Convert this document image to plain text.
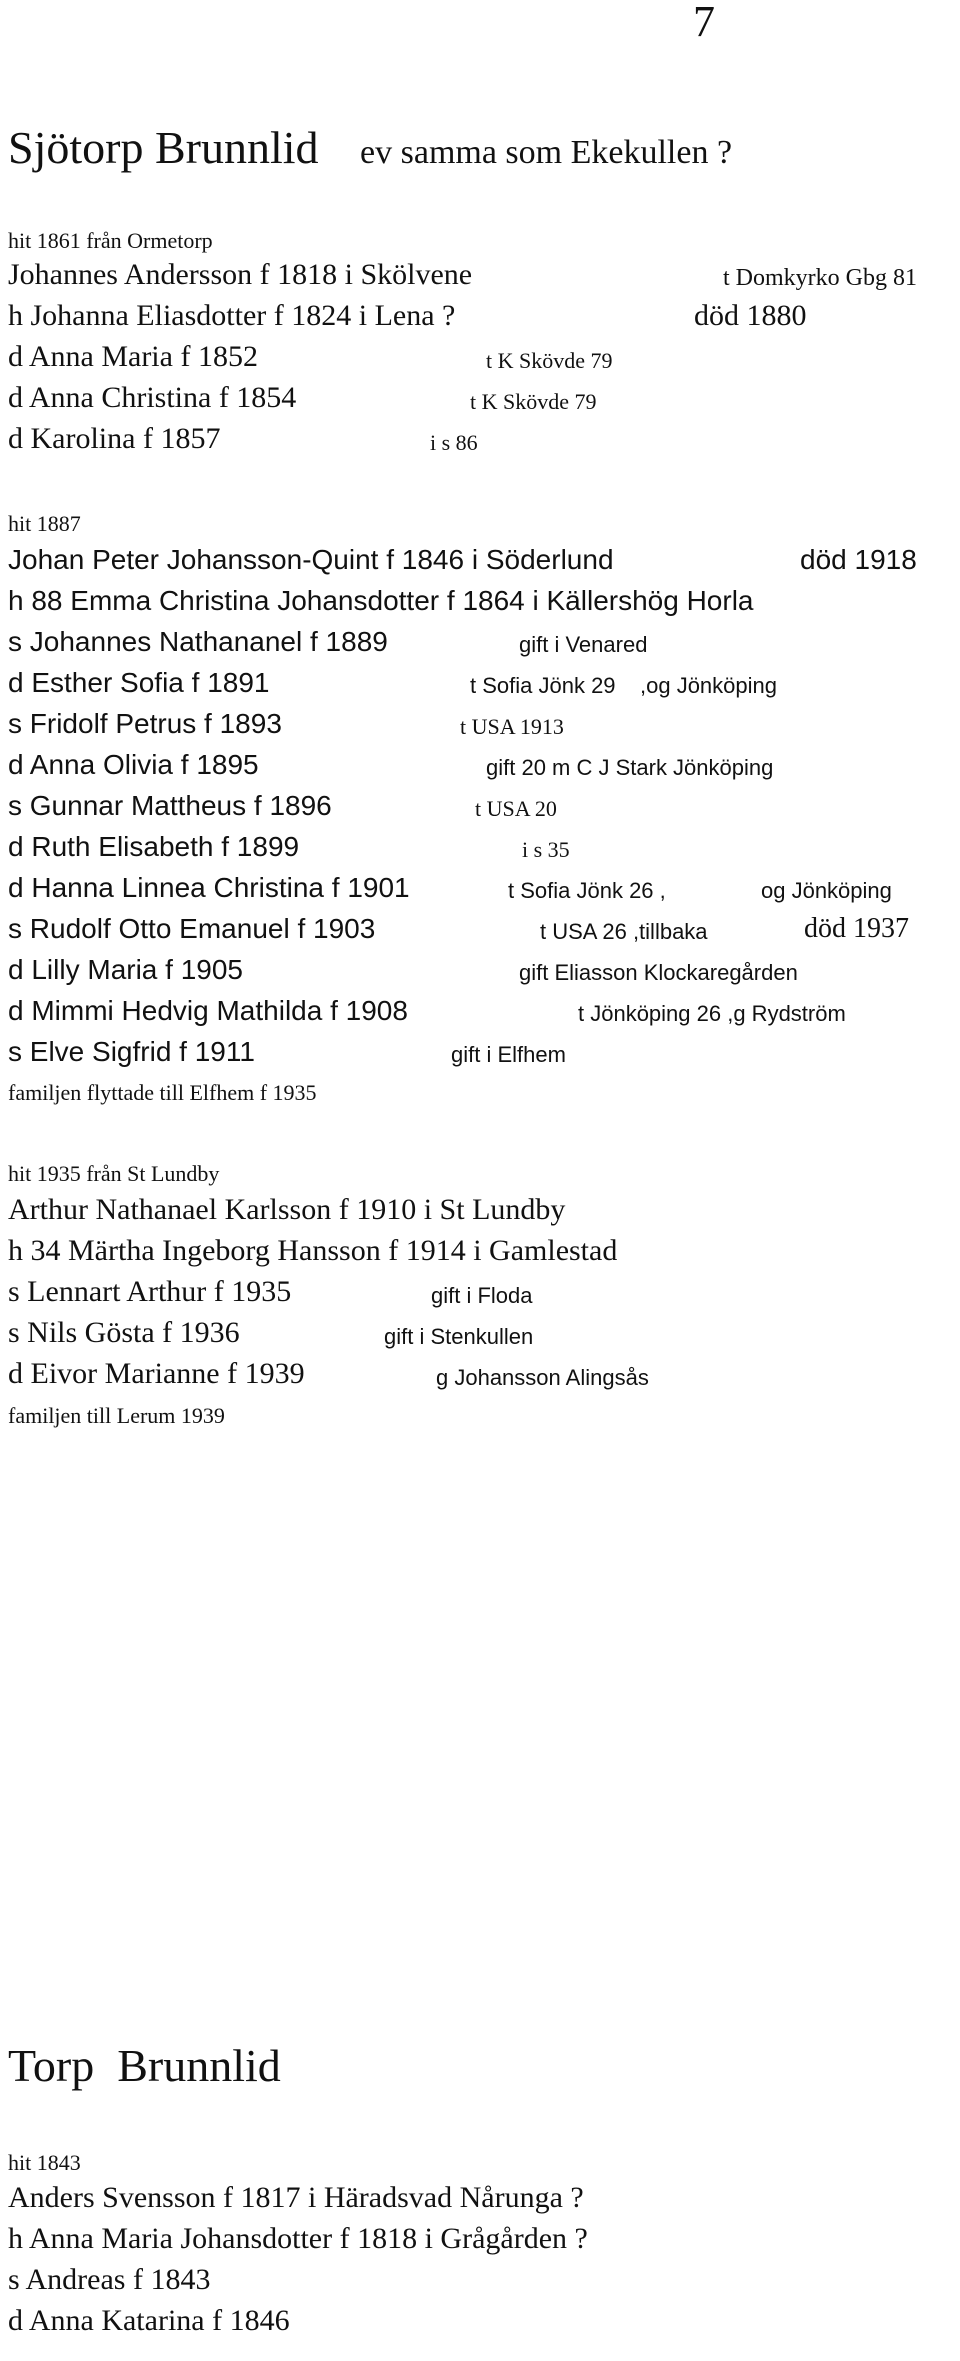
7
Sjötorp Brunnlid ev samma som Ekekullen ?
hit 1861 från Ormetorp
Johannes Andersson f 1818 i Skölvene	t Domkyrko Gbg 81
h Johanna Eliasdotter f 1824 i Lena ?	död 1880
d Anna Maria f 1852	t K Skövde 79
d Anna Christina f 1854	t K Skövde 79
d Karolina f 1857	i s 86
hit 1887
Johan Peter Johansson-Quint f 1846 i Söderlund	död 1918
h 88 Emma Christina Johansdotter f 1864 i Källershög Horla
s Johannes Nathananel f 1889	gift i Venared
d Esther Sofia f 1891	t Sofia Jönk 29 ,og Jönköping
s Fridolf Petrus f 1893	t USA 1913
d Anna Olivia f 1895	gift 20 m C J Stark Jönköping
s Gunnar Mattheus f 1896	t USA 20
d Ruth Elisabeth f 1899	i s 35
d Hanna Linnea Christina f 1901	t Sofia Jönk 26 ,	og Jönköping
s Rudolf Otto Emanuel f 1903	t USA 26 ,tillbaka	död 1937
d Lilly Maria f 1905	gift Eliasson Klockaregården
d Mimmi Hedvig Mathilda f 1908	t Jönköping 26 ,g Rydström
s Elve Sigfrid f 1911	gift i Elfhem
familjen flyttade till Elfhem f 1935
hit 1935 från St Lundby
Arthur Nathanael Karlsson f 1910 i St Lundby
h 34 Märtha Ingeborg Hansson f 1914 i Gamlestad
s Lennart Arthur f 1935	gift i Floda
s Nils Gösta f 1936	gift i Stenkullen
d Eivor Marianne f 1939	g Johansson Alingsås
familjen till Lerum 1939
Torp  Brunnlid
hit 1843
Anders Svensson f 1817 i Häradsvad Nårunga ?
h Anna Maria Johansdotter f 1818 i Grågården ?
s Andreas f 1843
d Anna Katarina f 1846
